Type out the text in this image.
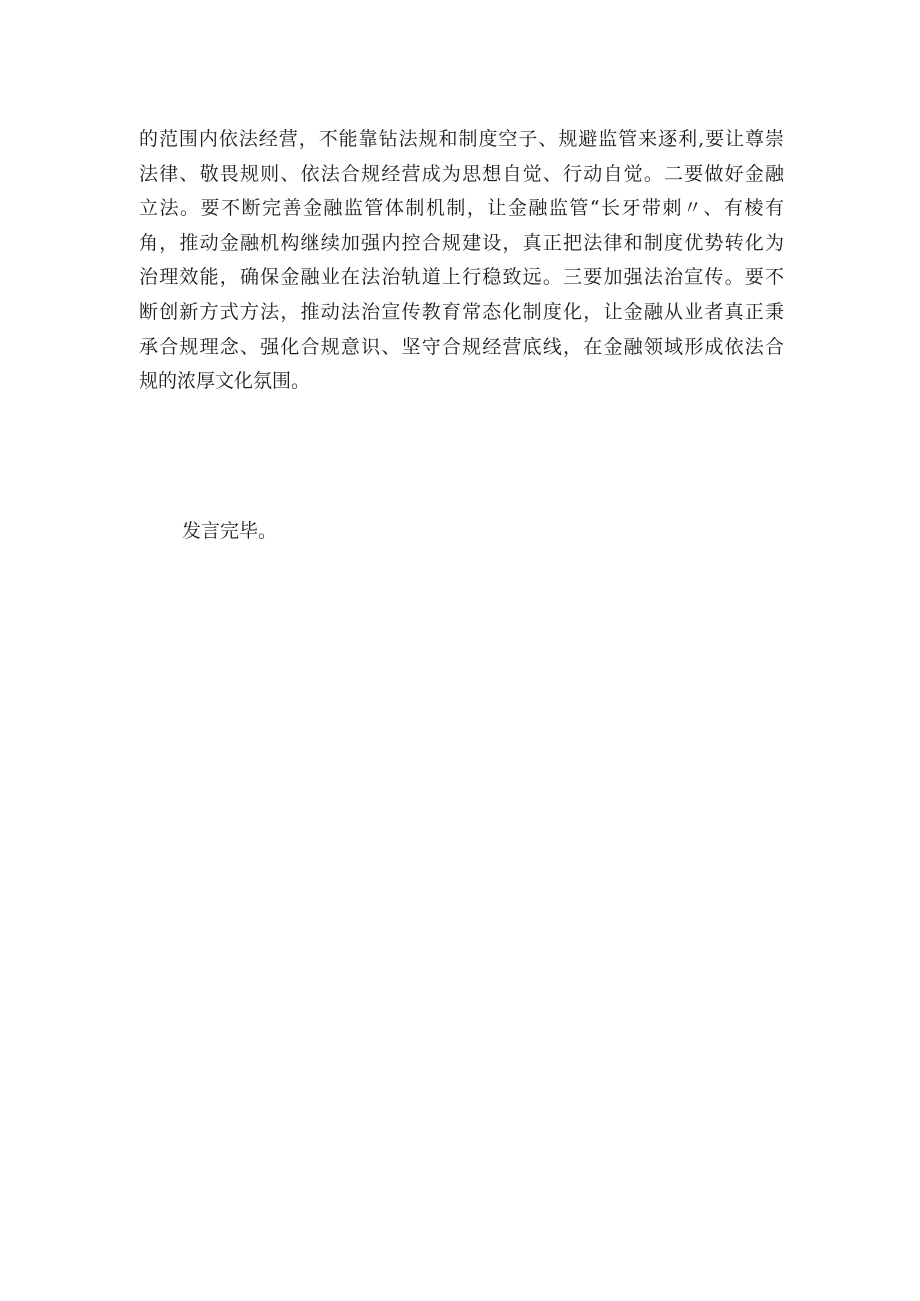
的范围内依法经营，不能靠钻法规和制度空子、规避监管来逐利,要让尊崇
法律、敬畏规则、依法合规经营成为思想自觉、行动自觉。二要做好金融
立法。要不断完善金融监管体制机制，让金融监管“长牙带刺〃、有棱有
角，推动金融机构继续加强内控合规建设，真正把法律和制度优势转化为
治理效能，确保金融业在法治轨道上行稳致远。三要加强法治宣传。要不
断创新方式方法，推动法治宣传教育常态化制度化，让金融从业者真正秉
承合规理念、强化合规意识、坚守合规经营底线，在金融领域形成依法合
规的浓厚文化氛围。

发言完毕。
